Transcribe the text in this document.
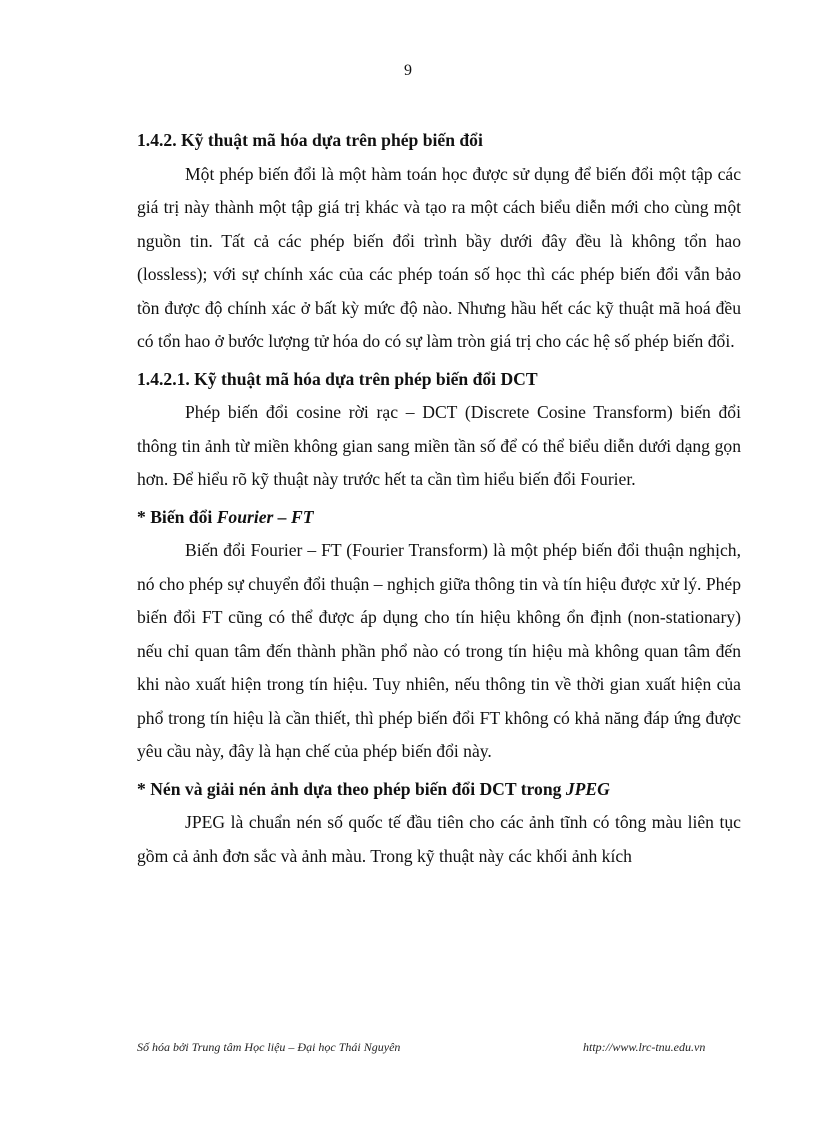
9

1.4.2. Kỹ thuật mã hóa dựa trên phép biến đổi

Một phép biến đổi là một hàm toán học được sử dụng để biến đổi một tập các giá trị này thành một tập giá trị khác và tạo ra một cách biểu diễn mới cho cùng một nguồn tin. Tất cả các phép biến đổi trình bầy dưới đây đều là không tổn hao (lossless); với sự chính xác của các phép toán số học thì các phép biến đổi vẫn bảo tồn được độ chính xác ở bất kỳ mức độ nào. Nhưng hầu hết các kỹ thuật mã hoá đều có tổn hao ở bước lượng tử hóa do có sự làm tròn giá trị cho các hệ số phép biến đổi.

1.4.2.1. Kỹ thuật mã hóa dựa trên phép biến đổi DCT

Phép biến đổi cosine rời rạc – DCT (Discrete Cosine Transform) biến đổi thông tin ảnh từ miền không gian sang miền tần số để có thể biểu diễn dưới dạng gọn hơn. Để hiểu rõ kỹ thuật này trước hết ta cần tìm hiểu biến đổi Fourier.

* Biến đổi Fourier – FT

Biến đổi Fourier – FT (Fourier Transform) là một phép biến đổi thuận nghịch, nó cho phép sự chuyển đổi thuận – nghịch giữa thông tin và tín hiệu được xử lý. Phép biến đổi FT cũng có thể được áp dụng cho tín hiệu không ổn định (non-stationary) nếu chỉ quan tâm đến thành phần phổ nào có trong tín hiệu mà không quan tâm đến khi nào xuất hiện trong tín hiệu. Tuy nhiên, nếu thông tin về thời gian xuất hiện của phổ trong tín hiệu là cần thiết, thì phép biến đổi FT không có khả năng đáp ứng được yêu cầu này, đây là hạn chế của phép biến đổi này.

* Nén và giải nén ảnh dựa theo phép biến đổi DCT trong JPEG

JPEG là chuẩn nén số quốc tế đầu tiên cho các ảnh tĩnh có tông màu liên tục gồm cả ảnh đơn sắc và ảnh màu. Trong kỹ thuật này các khối ảnh kích

Số hóa bởi Trung tâm Học liệu – Đại học Thái Nguyên	http://www.lrc-tnu.edu.vn
